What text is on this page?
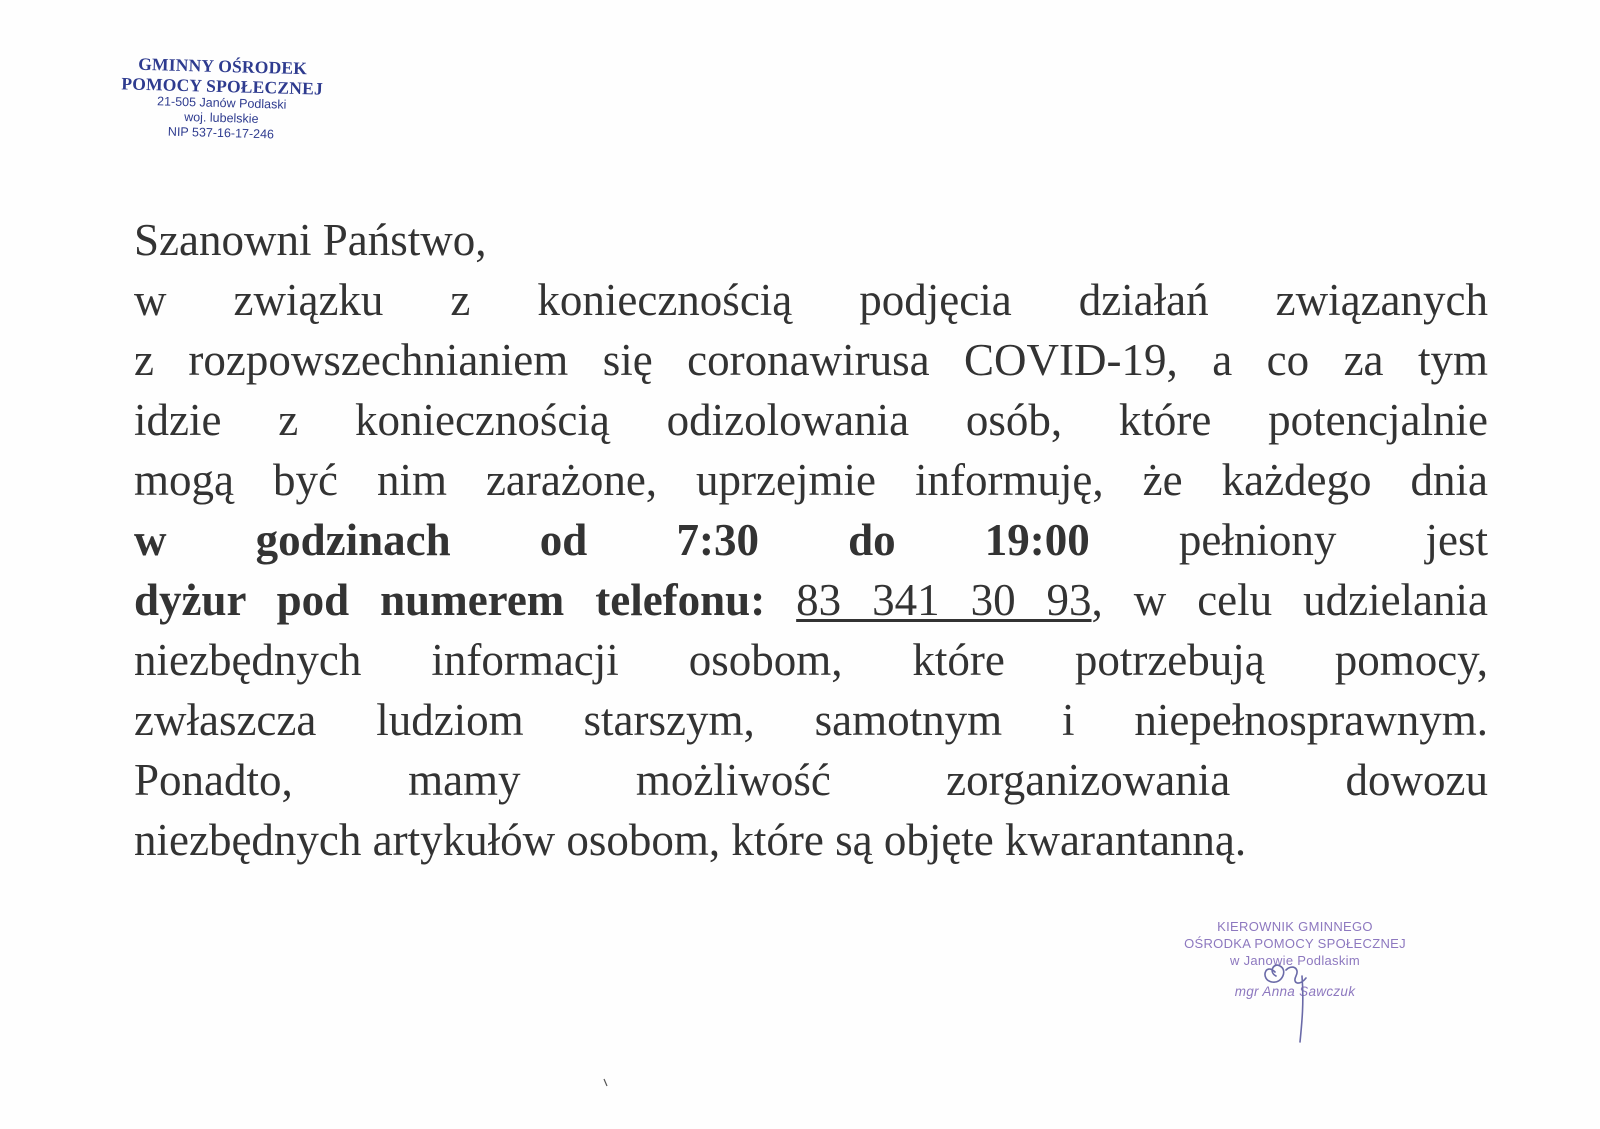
GMINNY OŚRODEK
POMOCY SPOŁECZNEJ
21-505 Janów Podlaski
woj. lubelskie
NIP 537-16-17-246
Szanowni Państwo,
w związku z koniecznością podjęcia działań związanych
z rozpowszechnianiem się coronawirusa COVID-19, a co za tym
idzie z koniecznością odizolowania osób, które potencjalnie
mogą być nim zarażone, uprzejmie informuję, że każdego dnia
w godzinach od 7:30 do 19:00 pełniony jest
dyżur pod numerem telefonu: 83 341 30 93, w celu udzielania
niezbędnych informacji osobom, które potrzebują pomocy,
zwłaszcza ludziom starszym, samotnym i niepełnosprawnym.
Ponadto, mamy możliwość zorganizowania dowozu
niezbędnych artykułów osobom, które są objęte kwarantanną.
KIEROWNIK GMINNEGO
OŚRODKA POMOCY SPOŁECZNEJ
w Janowie Podlaskim
mgr Anna Sawczuk
